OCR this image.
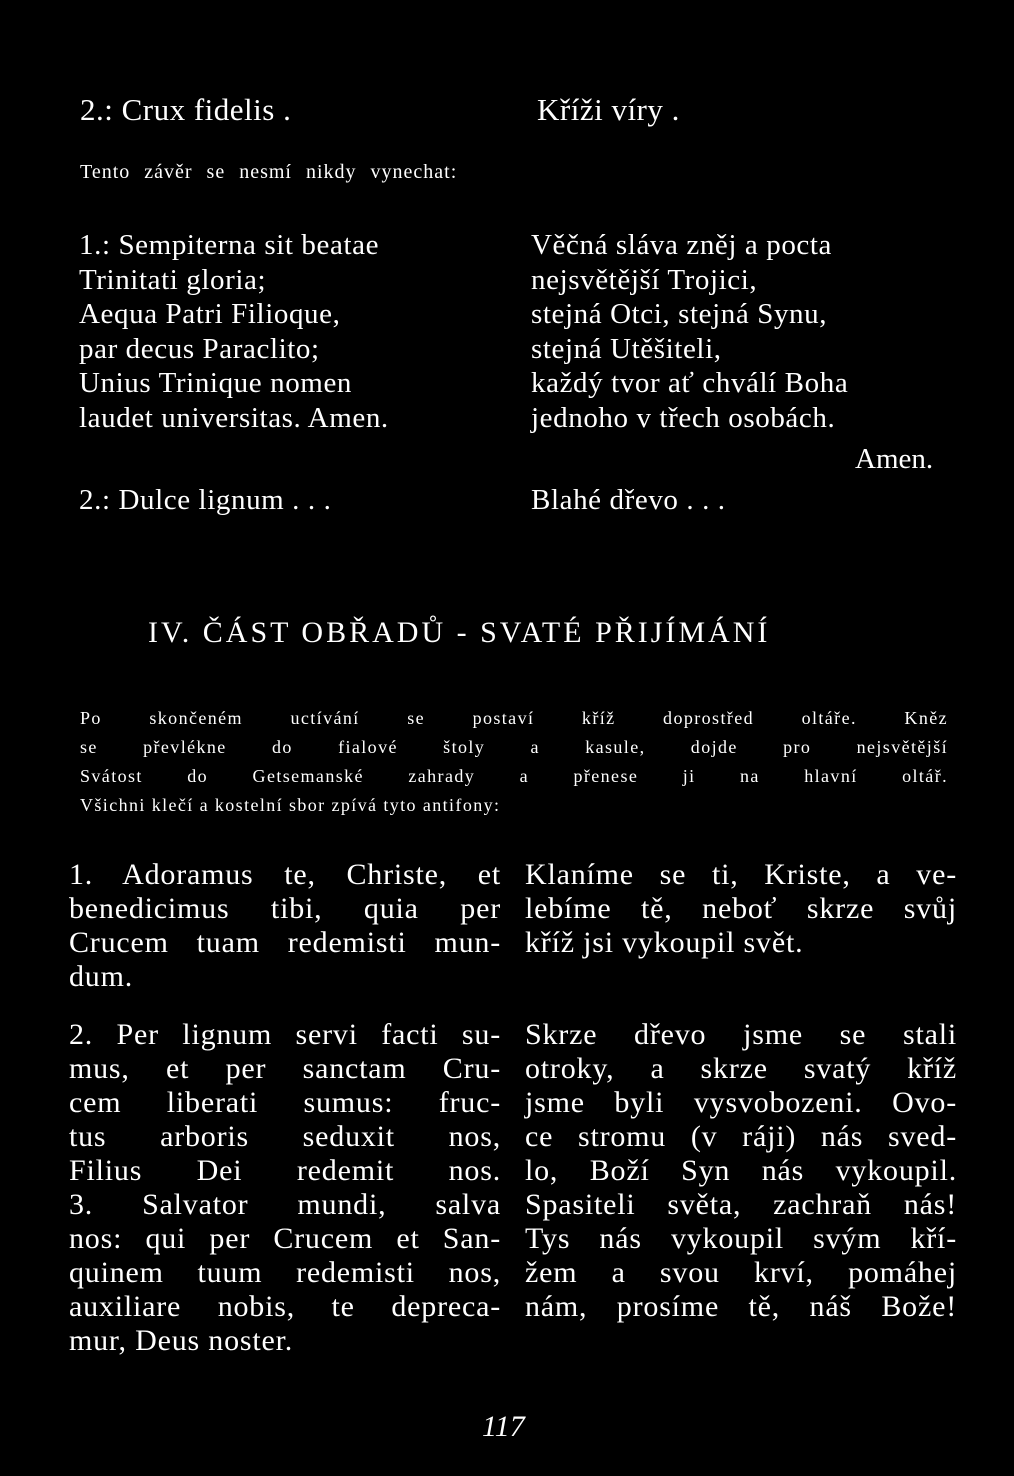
2.: Crux fidelis .	Kříži víry .
Tento závěr se nesmí nikdy vynechat:
1.: Sempiterna sit beatae
Trinitati gloria;
Aequa Patri Filioque,
par decus Paraclito;
Unius Trinique nomen
laudet universitas. Amen.
Věčná sláva zněj a pocta
nejsvětější Trojici,
stejná Otci, stejná Synu,
stejná Utěšiteli,
každý tvor ať chválí Boha
jednoho v třech osobách.
Amen.
2.: Dulce lignum . . .	Blahé dřevo . . .
IV. ČÁST OBŘADŮ - SVATÉ PŘIJÍMÁNÍ
Po skončeném uctívání se postaví kříž doprostřed oltáře. Kněz
se převlékne do fialové štoly a kasule, dojde pro nejsvětější
Svátost do Getsemanské zahrady a přenese ji na hlavní oltář.
Všichni klečí a kostelní sbor zpívá tyto antifony:
1. Adoramus te, Christe, et
benedicimus tibi, quia per
Crucem tuam redemisti mun-
dum.
Klaníme se ti, Kriste, a ve-
lebíme tě, neboť skrze svůj
kříž jsi vykoupil svět.
2. Per lignum servi facti su-
mus, et per sanctam Cru-
cem liberati sumus: fruc-
tus arboris seduxit nos,
Filius Dei redemit nos.
3. Salvator mundi, salva
nos: qui per Crucem et San-
quinem tuum redemisti nos,
auxiliare nobis, te depreca-
mur, Deus noster.
Skrze dřevo jsme se stali
otroky, a skrze svatý kříž
jsme byli vysvobozeni. Ovo-
ce stromu (v ráji) nás sved-
lo, Boží Syn nás vykoupil.
Spasiteli světa, zachraň nás!
Tys nás vykoupil svým kří-
žem a svou krví, pomáhej
nám, prosíme tě, náš Bože!
117
